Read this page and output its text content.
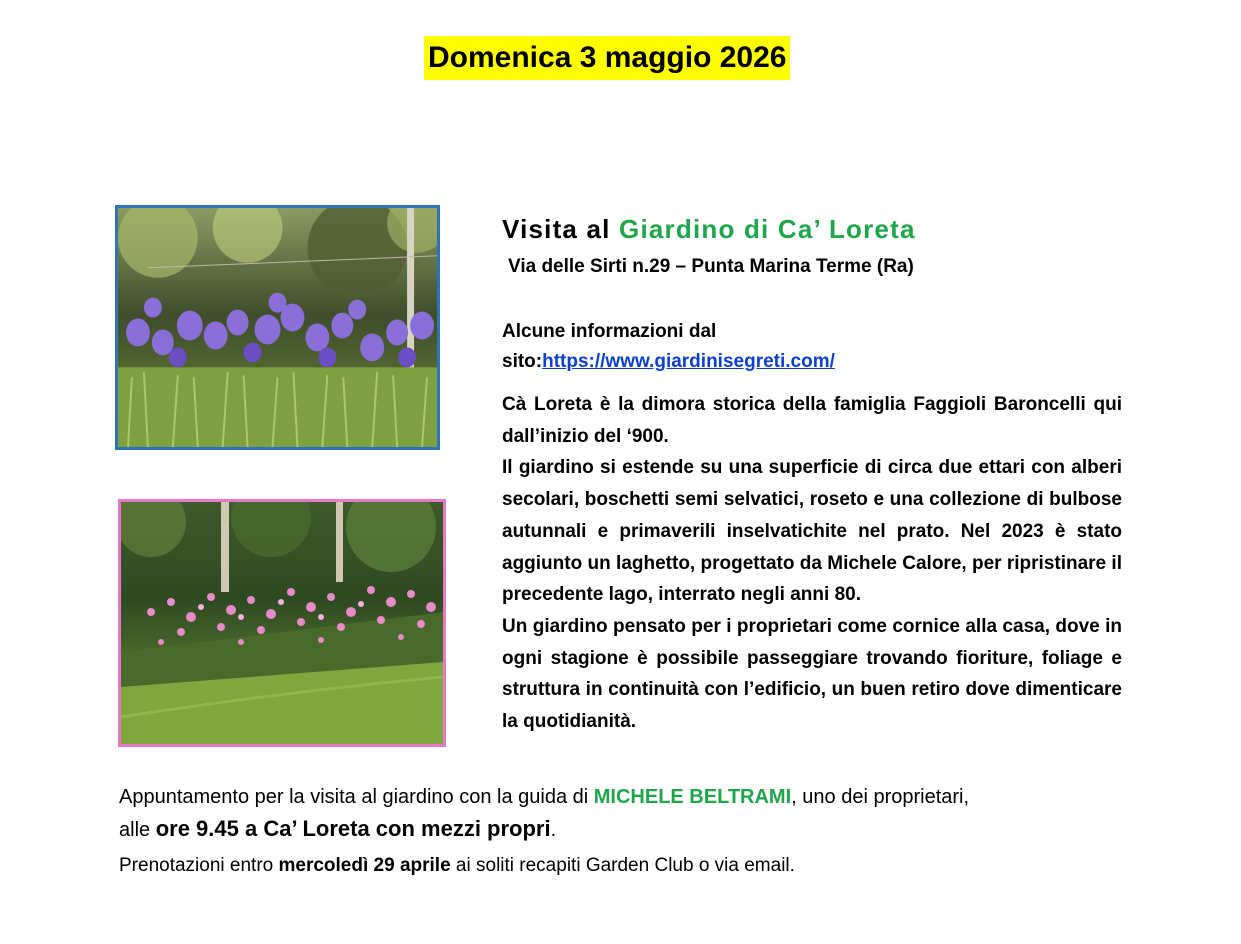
Domenica 3 maggio 2026
Visita al Giardino di Ca’ Loreta
Via delle Sirti n.29 – Punta Marina Terme (Ra)
Alcune informazioni dal
sito:https://www.giardinisegreti.com/

Cà Loreta è la dimora storica della famiglia Faggioli Baroncelli qui dall’inizio del ‘900.

Il giardino si estende su una superficie di circa due ettari con alberi secolari, boschetti semi selvatici, roseto e una collezione di bulbose autunnali e primaverili inselvatichite nel prato. Nel 2023 è stato aggiunto un laghetto, progettato da Michele Calore, per ripristinare il precedente lago, interrato negli anni 80.

Un giardino pensato per i proprietari come cornice alla casa, dove in ogni stagione è possibile passeggiare trovando fioriture, foliage e struttura in continuità con l’edificio, un buen retiro dove dimenticare la quotidianità.

Appuntamento per la visita al giardino con la guida di MICHELE BELTRAMI, uno dei proprietari,
alle ore 9.45 a Ca’ Loreta con mezzi propri.
Prenotazioni entro mercoledì 29 aprile ai soliti recapiti Garden Club o via email.
